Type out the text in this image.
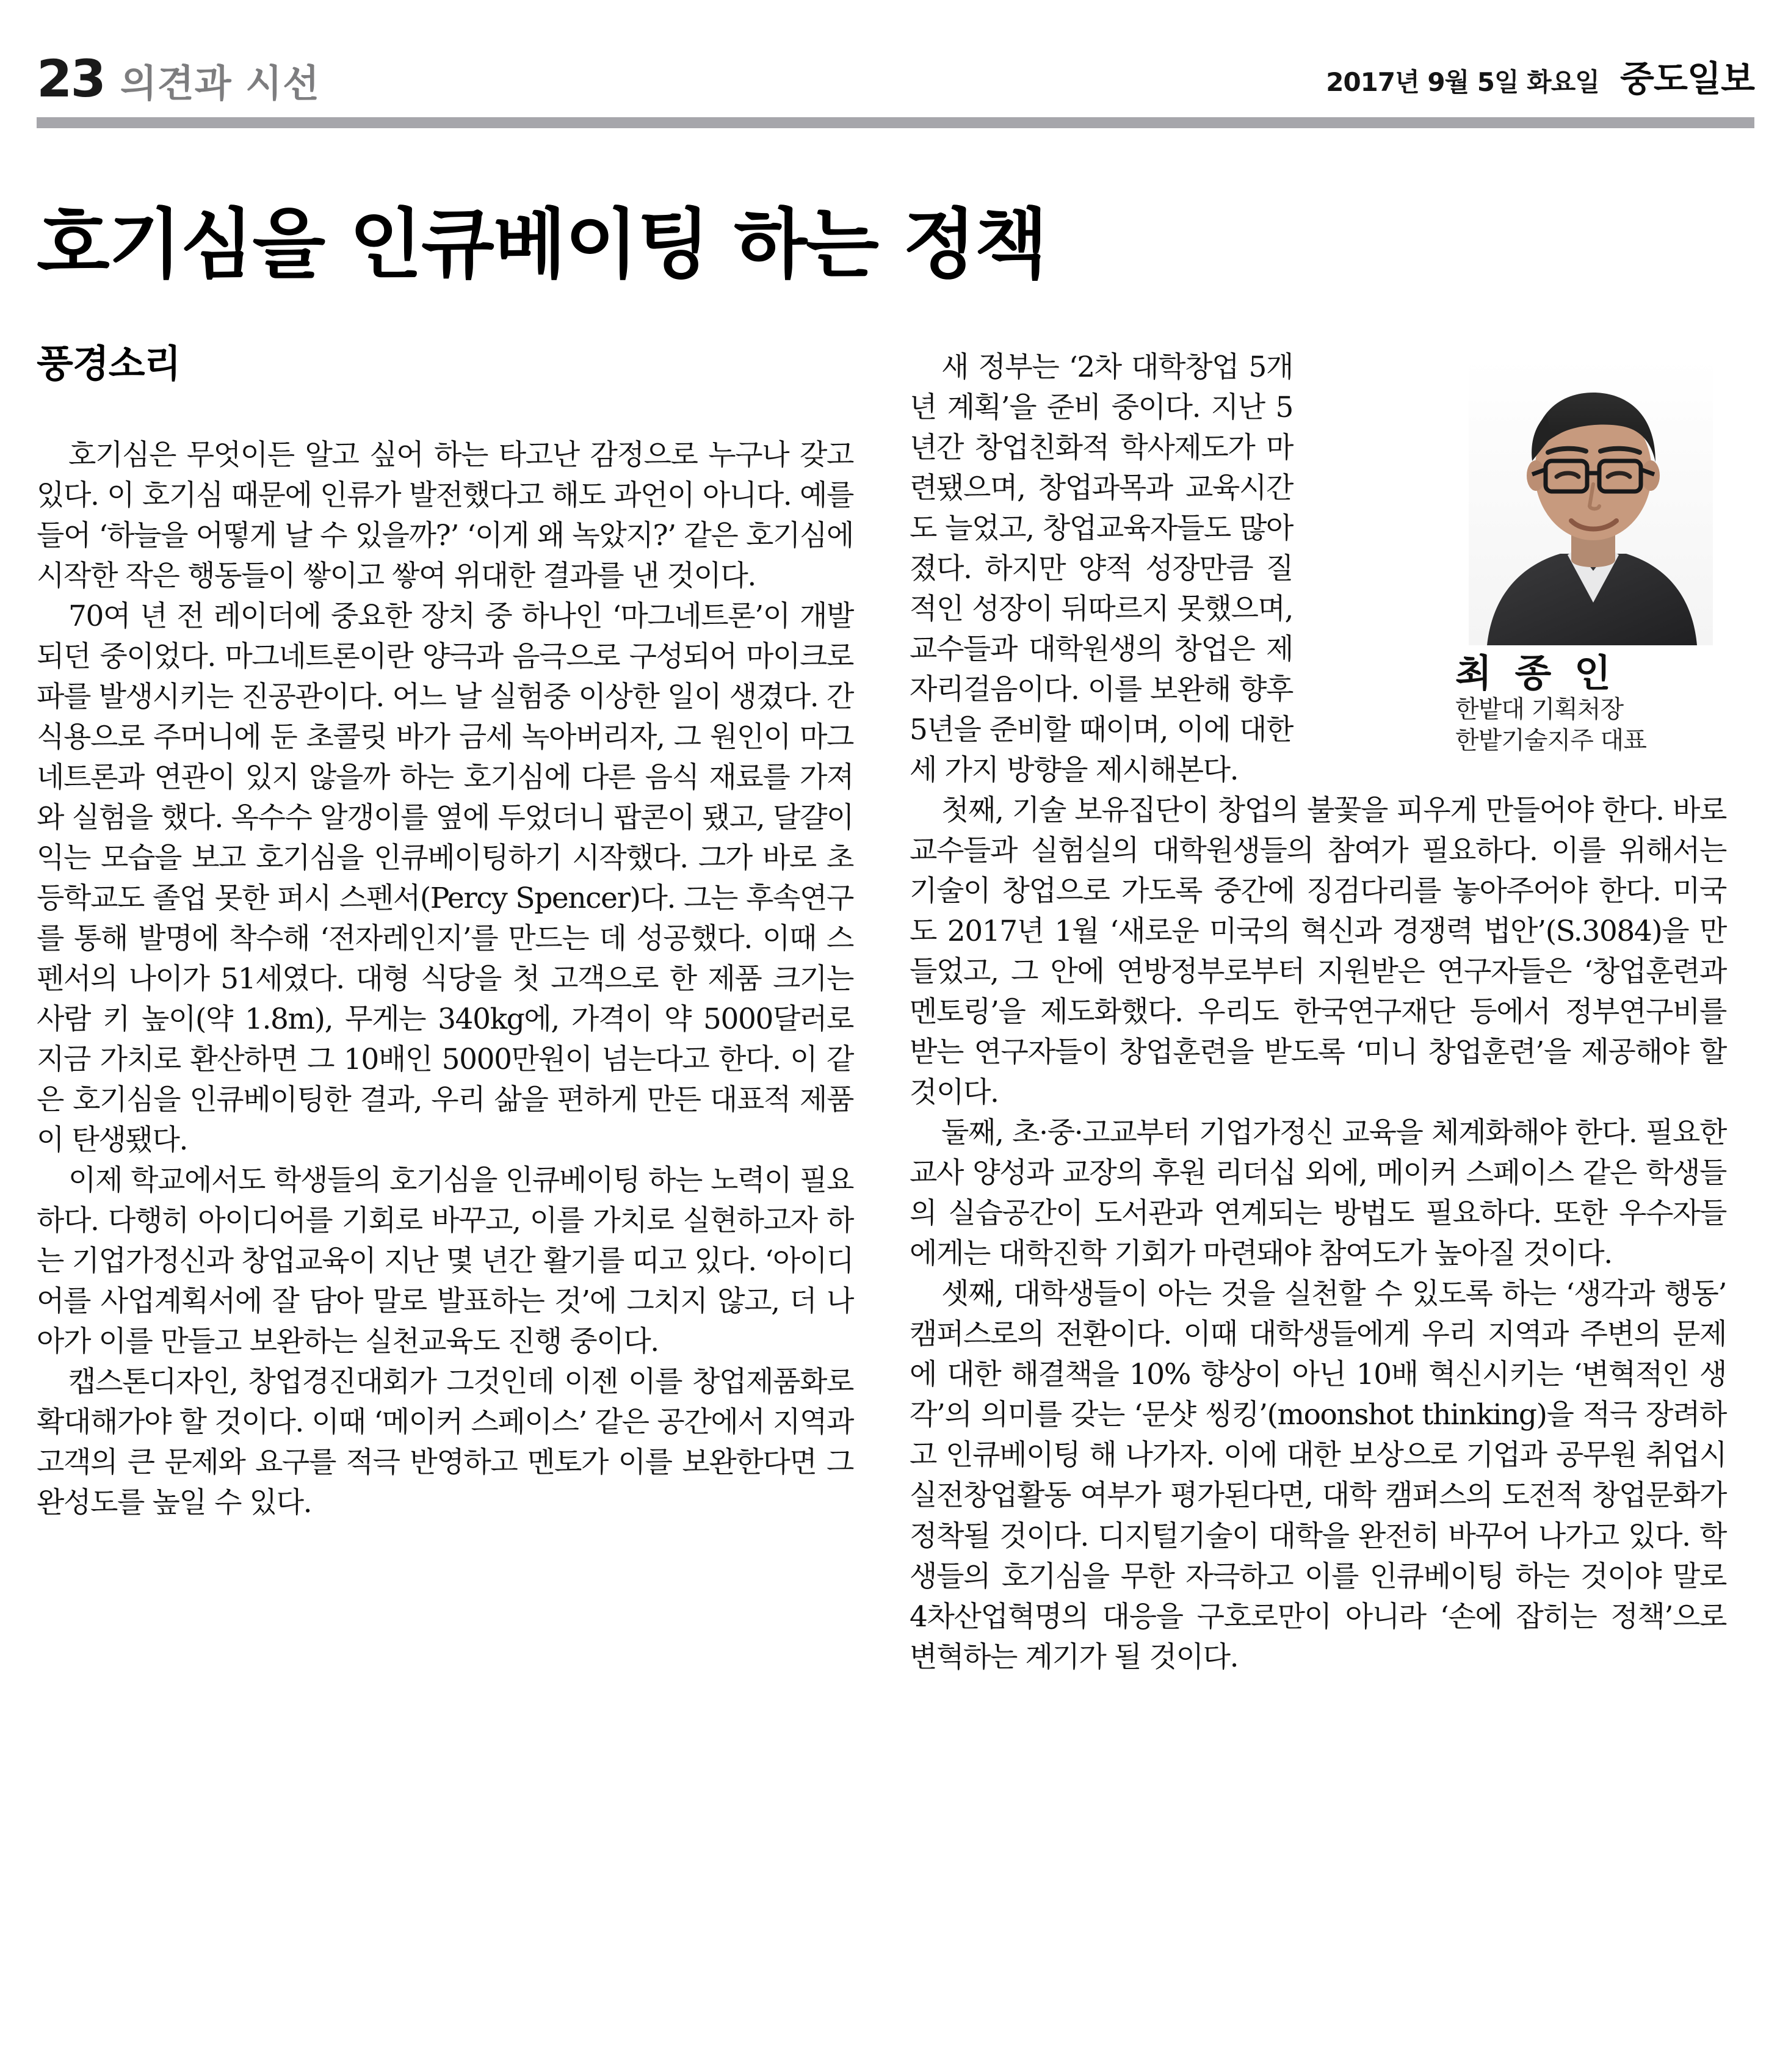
23 의견과 시선	2017년 9월 5일 화요일 중도일보
호기심을 인큐베이팅 하는 정책
풍경소리

호기심은 무엇이든 알고 싶어 하는 타고난 감정으로 누구나 갖고 있다. 이 호기심 때문에 인류가 발전했다고 해도 과언이 아니다. 예를 들어 ‘하늘을 어떻게 날 수 있을까?’ ‘이게 왜 녹았지?’ 같은 호기심에 시작한 작은 행동들이 쌓이고 쌓여 위대한 결과를 낸 것이다.

70여 년 전 레이더에 중요한 장치 중 하나인 ‘마그네트론’이 개발되던 중이었다. 마그네트론이란 양극과 음극으로 구성되어 마이크로파를 발생시키는 진공관이다. 어느 날 실험중 이상한 일이 생겼다. 간식용으로 주머니에 둔 초콜릿 바가 금세 녹아버리자, 그 원인이 마그네트론과 연관이 있지 않을까 하는 호기심에 다른 음식 재료를 가져와 실험을 했다. 옥수수 알갱이를 옆에 두었더니 팝콘이 됐고, 달걀이 익는 모습을 보고 호기심을 인큐베이팅하기 시작했다. 그가 바로 초등학교도 졸업 못한 퍼시 스펜서(Percy Spencer)다. 그는 후속연구를 통해 발명에 착수해 ‘전자레인지’를 만드는 데 성공했다. 이때 스펜서의 나이가 51세였다. 대형 식당을 첫 고객으로 한 제품 크기는 사람 키 높이(약 1.8m), 무게는 340kg에, 가격이 약 5000달러로 지금 가치로 환산하면 그 10배인 5000만원이 넘는다고 한다. 이 같은 호기심을 인큐베이팅한 결과, 우리 삶을 편하게 만든 대표적 제품이 탄생됐다.

이제 학교에서도 학생들의 호기심을 인큐베이팅 하는 노력이 필요하다. 다행히 아이디어를 기회로 바꾸고, 이를 가치로 실현하고자 하는 기업가정신과 창업교육이 지난 몇 년간 활기를 띠고 있다. ‘아이디어를 사업계획서에 잘 담아 말로 발표하는 것’에 그치지 않고, 더 나아가 이를 만들고 보완하는 실천교육도 진행 중이다.

캡스톤디자인, 창업경진대회가 그것인데 이젠 이를 창업제품화로 확대해가야 할 것이다. 이때 ‘메이커 스페이스’ 같은 공간에서 지역과 고객의 큰 문제와 요구를 적극 반영하고 멘토가 이를 보완한다면 그 완성도를 높일 수 있다.

최 종 인
한밭대 기획처장
한밭기술지주 대표

새 정부는 ‘2차 대학창업 5개년 계획’을 준비 중이다. 지난 5년간 창업친화적 학사제도가 마련됐으며, 창업과목과 교육시간도 늘었고, 창업교육자들도 많아졌다. 하지만 양적 성장만큼 질적인 성장이 뒤따르지 못했으며, 교수들과 대학원생의 창업은 제자리걸음이다. 이를 보완해 향후 5년을 준비할 때이며, 이에 대한 세 가지 방향을 제시해본다.

첫째, 기술 보유집단이 창업의 불꽃을 피우게 만들어야 한다. 바로 교수들과 실험실의 대학원생들의 참여가 필요하다. 이를 위해서는 기술이 창업으로 가도록 중간에 징검다리를 놓아주어야 한다. 미국도 2017년 1월 ‘새로운 미국의 혁신과 경쟁력 법안’(S.3084)을 만들었고, 그 안에 연방정부로부터 지원받은 연구자들은 ‘창업훈련과 멘토링’을 제도화했다. 우리도 한국연구재단 등에서 정부연구비를 받는 연구자들이 창업훈련을 받도록 ‘미니 창업훈련’을 제공해야 할 것이다.

둘째, 초·중·고교부터 기업가정신 교육을 체계화해야 한다. 필요한 교사 양성과 교장의 후원 리더십 외에, 메이커 스페이스 같은 학생들의 실습공간이 도서관과 연계되는 방법도 필요하다. 또한 우수자들에게는 대학진학 기회가 마련돼야 참여도가 높아질 것이다.

셋째, 대학생들이 아는 것을 실천할 수 있도록 하는 ‘생각과 행동’ 캠퍼스로의 전환이다. 이때 대학생들에게 우리 지역과 주변의 문제에 대한 해결책을 10% 향상이 아닌 10배 혁신시키는 ‘변혁적인 생각’의 의미를 갖는 ‘문샷 씽킹’(moonshot thinking)을 적극 장려하고 인큐베이팅 해 나가자. 이에 대한 보상으로 기업과 공무원 취업시 실전창업활동 여부가 평가된다면, 대학 캠퍼스의 도전적 창업문화가 정착될 것이다. 디지털기술이 대학을 완전히 바꾸어 나가고 있다. 학생들의 호기심을 무한 자극하고 이를 인큐베이팅 하는 것이야 말로 4차산업혁명의 대응을 구호로만이 아니라 ‘손에 잡히는 정책’으로 변혁하는 계기가 될 것이다.
